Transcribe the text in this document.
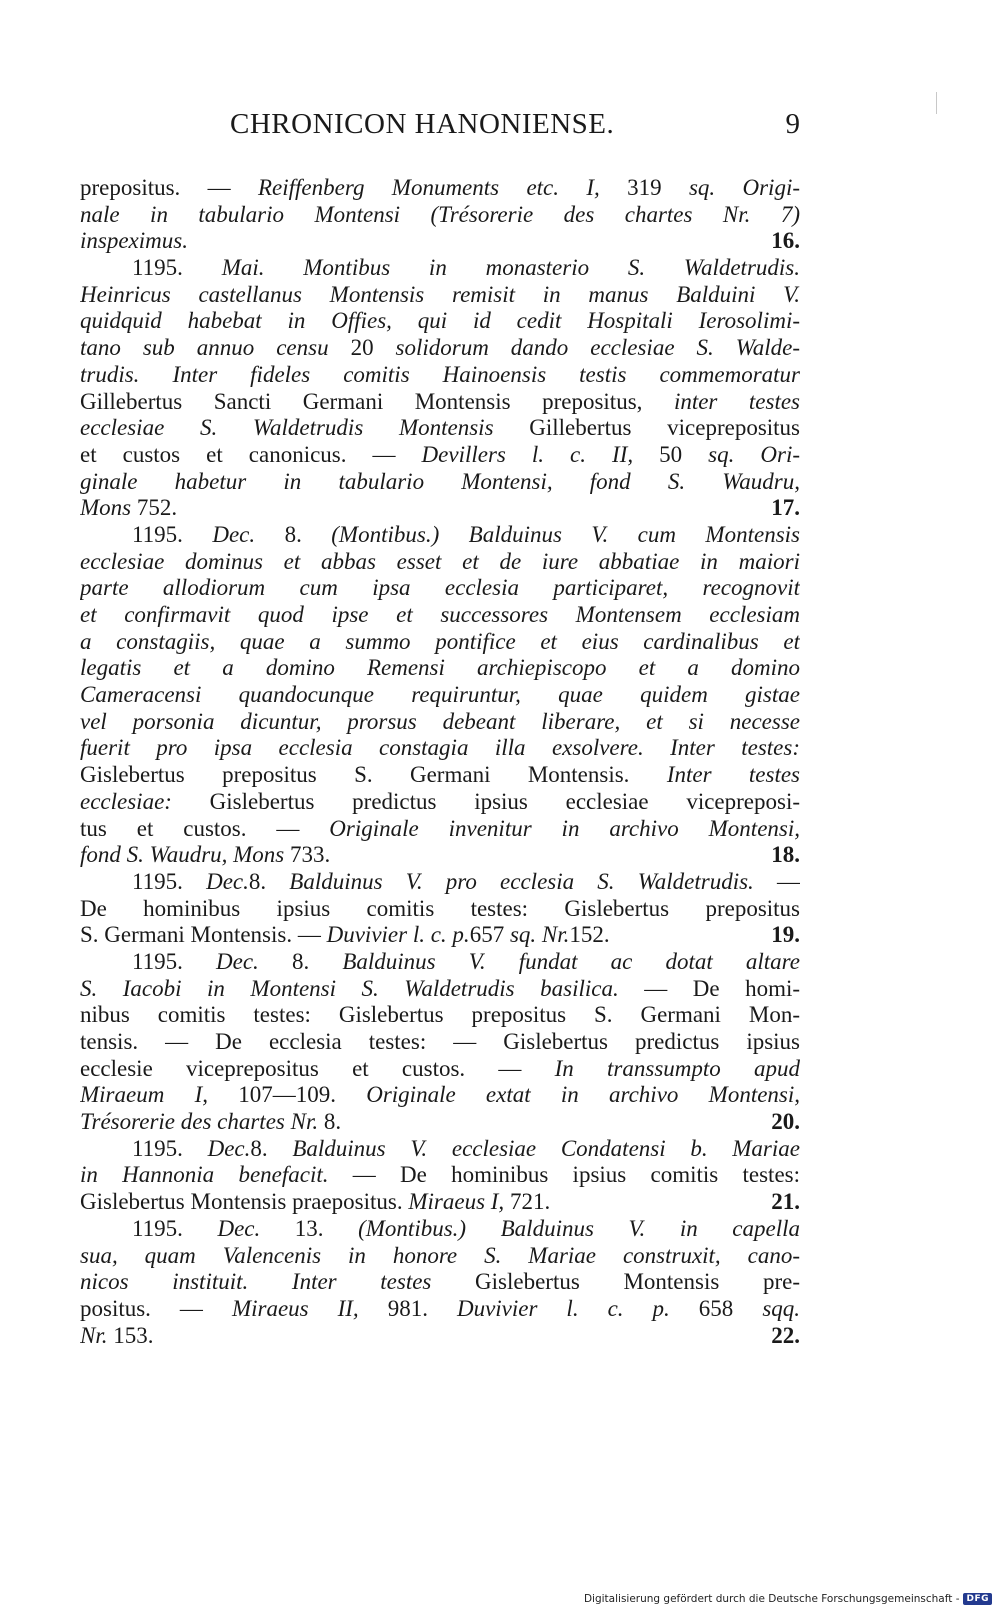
CHRONICON HANONIENSE.	9
prepositus. — Reiffenberg Monuments etc. I, 319 sq. Origi-
nale in tabulario Montensi (Trésorerie des chartes Nr. 7)
inspeximus.	16.
1195. Mai. Montibus in monasterio S. Waldetrudis.
Heinricus castellanus Montensis remisit in manus Balduini V.
quidquid habebat in Offies, qui id cedit Hospitali Ierosolimi-
tano sub annuo censu 20 solidorum dando ecclesiae S. Walde-
trudis. Inter fideles comitis Hainoensis testis commemoratur
Gillebertus Sancti Germani Montensis prepositus, inter testes
ecclesiae S. Waldetrudis Montensis Gillebertus viceprepositus
et custos et canonicus. — Devillers l. c. II, 50 sq. Ori-
ginale habetur in tabulario Montensi, fond S. Waudru,
Mons 752.	17.
1195. Dec. 8. (Montibus.) Balduinus V. cum Montensis
ecclesiae dominus et abbas esset et de iure abbatiae in maiori
parte allodiorum cum ipsa ecclesia participaret, recognovit
et confirmavit quod ipse et successores Montensem ecclesiam
a constagiis, quae a summo pontifice et eius cardinalibus et
legatis et a domino Remensi archiepiscopo et a domino
Cameracensi quandocunque requiruntur, quae quidem gistae
vel porsonia dicuntur, prorsus debeant liberare, et si necesse
fuerit pro ipsa ecclesia constagia illa exsolvere. Inter testes:
Gislebertus prepositus S. Germani Montensis. Inter testes
ecclesiae: Gislebertus predictus ipsius ecclesiae vicepreposi-
tus et custos. — Originale invenitur in archivo Montensi,
fond S. Waudru, Mons 733.	18.
1195. Dec.8. Balduinus V. pro ecclesia S. Waldetrudis. —
De hominibus ipsius comitis testes: Gislebertus prepositus
S. Germani Montensis. — Duvivier l. c. p.657 sq. Nr.152.	19.
1195. Dec. 8. Balduinus V. fundat ac dotat altare
S. Iacobi in Montensi S. Waldetrudis basilica. — De homi-
nibus comitis testes: Gislebertus prepositus S. Germani Mon-
tensis. — De ecclesia testes: — Gislebertus predictus ipsius
ecclesie viceprepositus et custos. — In transsumpto apud
Miraeum I, 107—109. Originale extat in archivo Montensi,
Trésorerie des chartes Nr. 8.	20.
1195. Dec.8. Balduinus V. ecclesiae Condatensi b. Mariae
in Hannonia benefacit. — De hominibus ipsius comitis testes:
Gislebertus Montensis praepositus. Miraeus I, 721.	21.
1195. Dec. 13. (Montibus.) Balduinus V. in capella
sua, quam Valencenis in honore S. Mariae construxit, cano-
nicos instituit. Inter testes Gislebertus Montensis pre-
positus. — Miraeus II, 981. Duvivier l. c. p. 658 sqq.
Nr. 153.	22.
Digitalisierung gefördert durch die Deutsche Forschungsgemeinschaft - DFG
